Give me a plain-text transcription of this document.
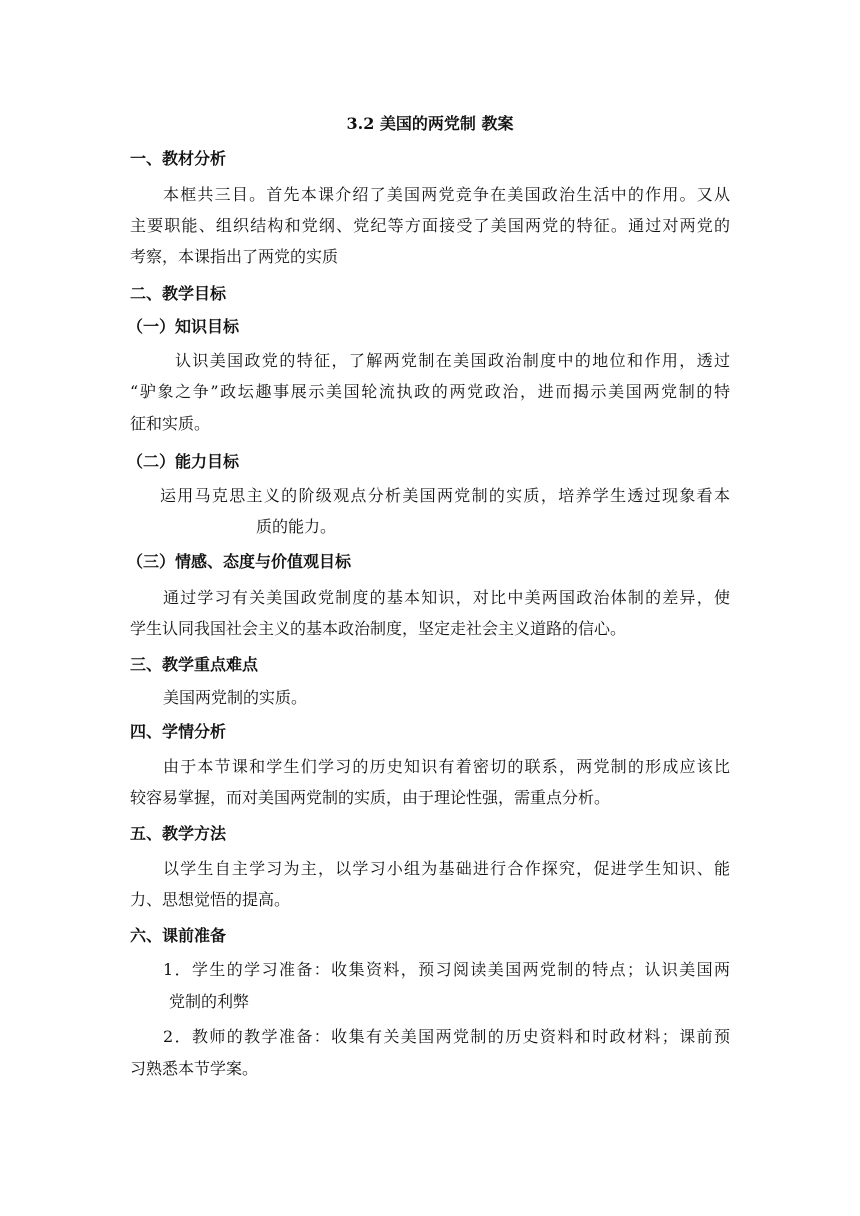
3.2 美国的两党制 教案
一、教材分析
本框共三目。首先本课介绍了美国两党竞争在美国政治生活中的作用。又从
主要职能、组织结构和党纲、党纪等方面接受了美国两党的特征。通过对两党的
考察，本课指出了两党的实质
二、教学目标
（一）知识目标
认识美国政党的特征，了解两党制在美国政治制度中的地位和作用，透过
“驴象之争”政坛趣事展示美国轮流执政的两党政治，进而揭示美国两党制的特
征和实质。
（二）能力目标
运用马克思主义的阶级观点分析美国两党制的实质，培养学生透过现象看本
质的能力。
（三）情感、态度与价值观目标
通过学习有关美国政党制度的基本知识，对比中美两国政治体制的差异，使
学生认同我国社会主义的基本政治制度，坚定走社会主义道路的信心。
三、教学重点难点
美国两党制的实质。
四、学情分析
由于本节课和学生们学习的历史知识有着密切的联系，两党制的形成应该比
较容易掌握，而对美国两党制的实质，由于理论性强，需重点分析。
五、教学方法
以学生自主学习为主，以学习小组为基础进行合作探究，促进学生知识、能
力、思想觉悟的提高。
六、课前准备
1．学生的学习准备：收集资料，预习阅读美国两党制的特点；认识美国两
党制的利弊
2．教师的教学准备：收集有关美国两党制的历史资料和时政材料；课前预
习熟悉本节学案。
